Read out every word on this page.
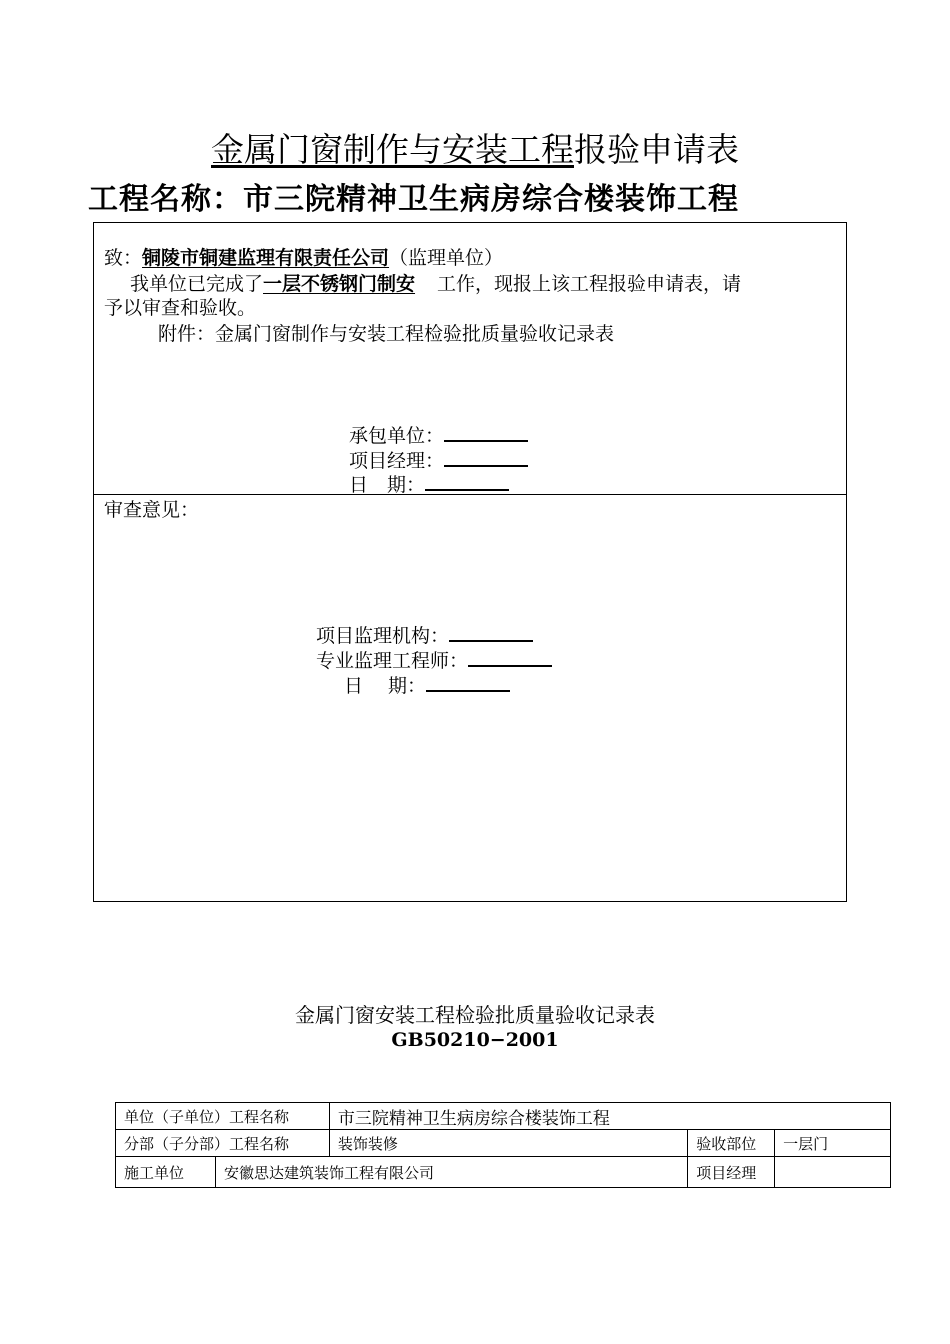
金属门窗制作与安装工程报验申请表
工程名称：市三院精神卫生病房综合楼装饰工程
致：铜陵市铜建监理有限责任公司（监理单位）
我单位已完成了一层不锈钢门制安 工作，现报上该工程报验申请表，请
予以审查和验收。
附件：金属门窗制作与安装工程检验批质量验收记录表
承包单位：
项目经理：
日　期：
审查意见：
项目监理机构：
专业监理工程师：
日　 期：
金属门窗安装工程检验批质量验收记录表
GB50210−2001
单位（子单位）工程名称		市三院精神卫生病房综合楼装饰工程		
分部（子分部）工程名称		装饰装修	验收部位	一层门
施工单位	安徽思达建筑装饰工程有限公司		项目经理	
